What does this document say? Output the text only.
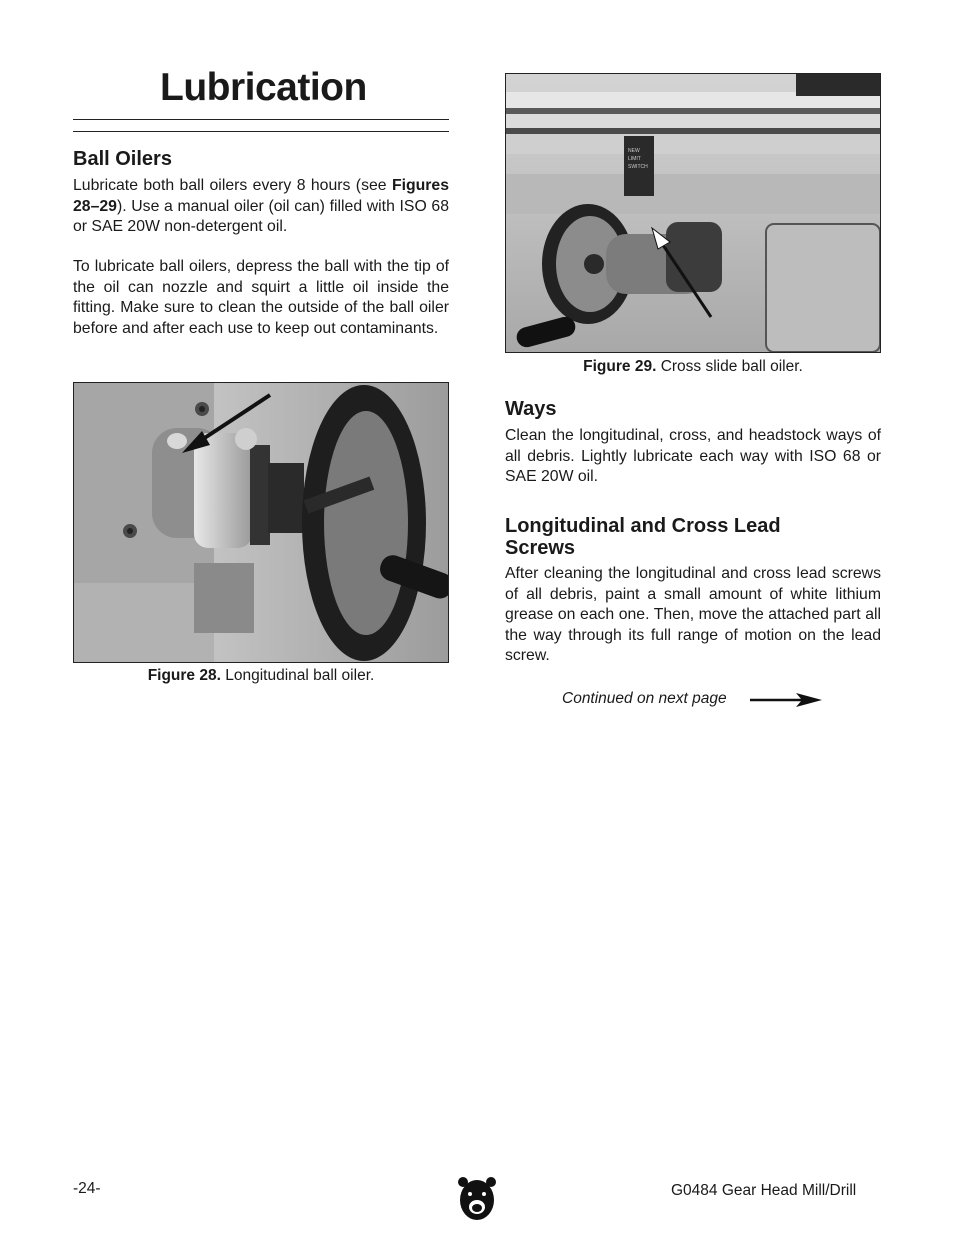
Lubrication
Ball Oilers

Lubricate both ball oilers every 8 hours (see Figures 28–29). Use a manual oiler (oil can) filled with ISO 68 or SAE 20W non-detergent oil.

To lubricate ball oilers, depress the ball with the tip of the oil can nozzle and squirt a little oil inside the fitting. Make sure to clean the outside of the ball oiler before and after each use to keep out contaminants.

Figure 28. Longitudinal ball oiler.

NEW
LIMIT
SWITCH

Figure 29. Cross slide ball oiler.

Ways

Clean the longitudinal, cross, and headstock ways of all debris. Lightly lubricate each way with ISO 68 or SAE 20W oil.

Longitudinal and Cross Lead
Screws

After cleaning the longitudinal and cross lead screws of all debris, paint a small amount of white lithium grease on each one. Then, move the attached part all the way through its full range of motion on the lead screw.

Continued on next page
-24-	G0484 Gear Head Mill/Drill
